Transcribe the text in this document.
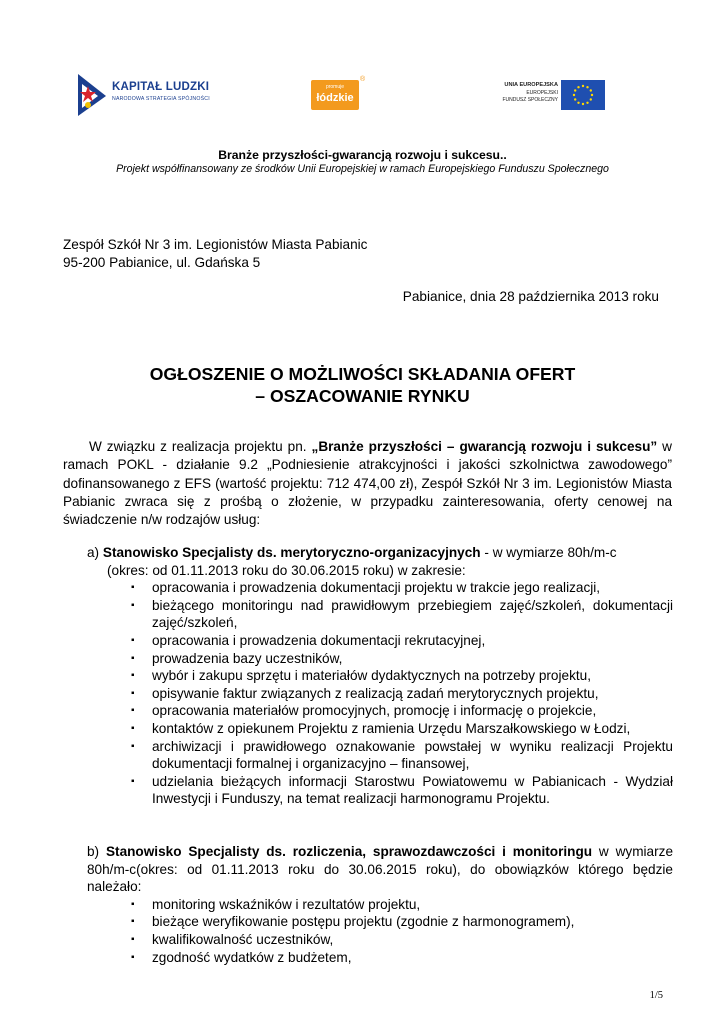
KAPITAŁ LUDZKI
NARODOWA STRATEGIA SPÓJNOŚCI
promuje
łódzkie
®
UNIA EUROPEJSKA
EUROPEJSKI
FUNDUSZ SPOŁECZNY
Branże przyszłości-gwarancją rozwoju i sukcesu..
Projekt współfinansowany ze środków Unii Europejskiej w ramach Europejskiego Funduszu Społecznego
Zespół Szkół Nr 3 im. Legionistów Miasta Pabianic
95-200 Pabianice, ul. Gdańska 5
Pabianice, dnia 28 października 2013 roku
OGŁOSZENIE O MOŻLIWOŚCI SKŁADANIA OFERT
– OSZACOWANIE RYNKU

W związku z realizacja projektu pn. „Branże przyszłości – gwarancją rozwoju i sukcesu” w ramach POKL - działanie 9.2 „Podniesienie atrakcyjności i jakości szkolnictwa zawodowego” dofinansowanego z EFS (wartość projektu: 712 474,00 zł), Zespół Szkół Nr 3 im. Legionistów Miasta Pabianic zwraca się z prośbą o złożenie, w przypadku zainteresowania, oferty cenowej na świadczenie n/w rodzajów usług:

a) Stanowisko Specjalisty ds. merytoryczno-organizacyjnych - w wymiarze 80h/m-c
(okres: od 01.11.2013 roku do 30.06.2015 roku) w zakresie:
▪ opracowania i prowadzenia dokumentacji projektu w trakcie jego realizacji,
▪ bieżącego monitoringu nad prawidłowym przebiegiem zajęć/szkoleń, dokumentacji zajęć/szkoleń,
▪ opracowania i prowadzenia dokumentacji rekrutacyjnej,
▪ prowadzenia bazy uczestników,
▪ wybór i zakupu sprzętu i materiałów dydaktycznych na potrzeby projektu,
▪ opisywanie faktur związanych z realizacją zadań merytorycznych projektu,
▪ opracowania materiałów promocyjnych, promocję i informację o projekcie,
▪ kontaktów z opiekunem Projektu z ramienia Urzędu Marszałkowskiego w Łodzi,
▪ archiwizacji i prawidłowego oznakowanie powstałej w wyniku realizacji Projektu dokumentacji formalnej i organizacyjno – finansowej,
▪ udzielania bieżących informacji Starostwu Powiatowemu w Pabianicach - Wydział Inwestycji i Funduszy, na temat realizacji harmonogramu Projektu.
b) Stanowisko Specjalisty ds. rozliczenia, sprawozdawczości i monitoringu w wymiarze 80h/m-c(okres: od 01.11.2013 roku do 30.06.2015 roku), do obowiązków którego będzie należało:
▪ monitoring wskaźników i rezultatów projektu,
▪ bieżące weryfikowanie postępu projektu (zgodnie z harmonogramem),
▪ kwalifikowalność uczestników,
▪ zgodność wydatków z budżetem,
1/5
